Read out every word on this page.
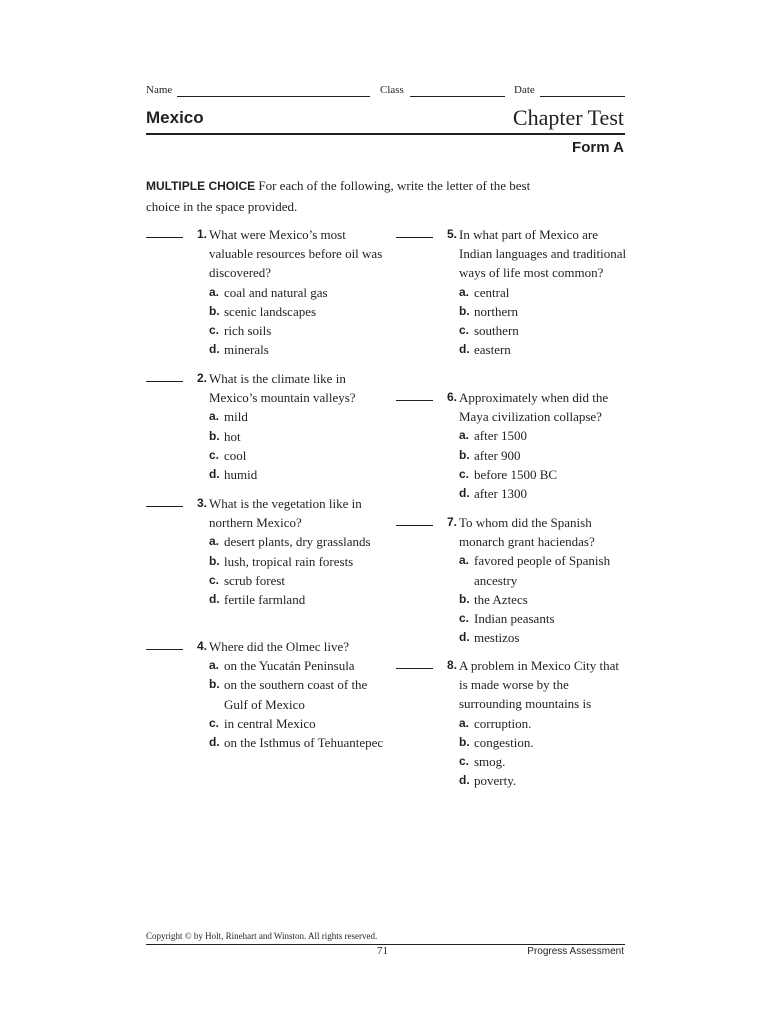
Name	Class	Date
Mexico	Chapter Test
Form A
MULTIPLE CHOICE For each of the following, write the letter of the best choice in the space provided.
1. What were Mexico’s most valuable resources before oil was discovered?
a. coal and natural gas
b. scenic landscapes
c. rich soils
d. minerals
2. What is the climate like in Mexico’s mountain valleys?
a. mild
b. hot
c. cool
d. humid
3. What is the vegetation like in northern Mexico?
a. desert plants, dry grasslands
b. lush, tropical rain forests
c. scrub forest
d. fertile farmland
4. Where did the Olmec live?
a. on the Yucatán Peninsula
b. on the southern coast of the Gulf of Mexico
c. in central Mexico
d. on the Isthmus of Tehuantepec
5. In what part of Mexico are Indian languages and traditional ways of life most common?
a. central
b. northern
c. southern
d. eastern
6. Approximately when did the Maya civilization collapse?
a. after 1500
b. after 900
c. before 1500 BC
d. after 1300
7. To whom did the Spanish monarch grant haciendas?
a. favored people of Spanish ancestry
b. the Aztecs
c. Indian peasants
d. mestizos
8. A problem in Mexico City that is made worse by the surrounding mountains is
a. corruption.
b. congestion.
c. smog.
d. poverty.
Copyright © by Holt, Rinehart and Winston. All rights reserved.
71	Progress Assessment
